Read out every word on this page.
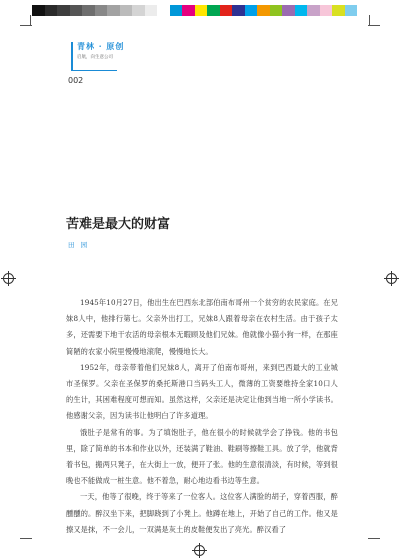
青林 · 原创
启航，向生意公司
002
苦难是最大的财富
田 园

1945年10月27日，他出生在巴西东北部伯南布哥州一个贫穷的农民家庭。在兄妹8人中，他排行第七。父亲外出打工，兄妹8人跟着母亲在农村生活。由于孩子太多，还需要下地干农活的母亲根本无暇顾及他们兄妹。他就像小猫小狗一样，在那座简陋的农家小院里慢慢地滚爬，慢慢地长大。

1952年，母亲带着他们兄妹8人，离开了伯南布哥州，来到巴西最大的工业城市圣保罗。父亲在圣保罗的桑托斯港口当码头工人，微薄的工资要维持全家10口人的生计，其困难程度可想而知。虽然这样，父亲还是决定让他到当地一所小学读书。他感谢父亲，因为读书让他明白了许多道理。

饿肚子是常有的事。为了填饱肚子，他在很小的时候就学会了挣钱。他的书包里，除了简单的书本和作业以外，还装满了鞋油、鞋刷等擦鞋工具。放了学，他就背着书包，搬两只凳子，在大街上一放，便开了张。他的生意很清淡，有时候，等到很晚也不能做成一桩生意。他不着急，耐心地边看书边等生意。

一天，他等了很晚，终于等来了一位客人。这位客人满脸的胡子，穿着西服，醉醺醺的。醉汉坐下来，把脚跷到了小凳上。他蹲在地上，开始了自己的工作。他又是擦又是抹，不一会儿，一双满是灰土的皮鞋便发出了亮光。醉汉看了
